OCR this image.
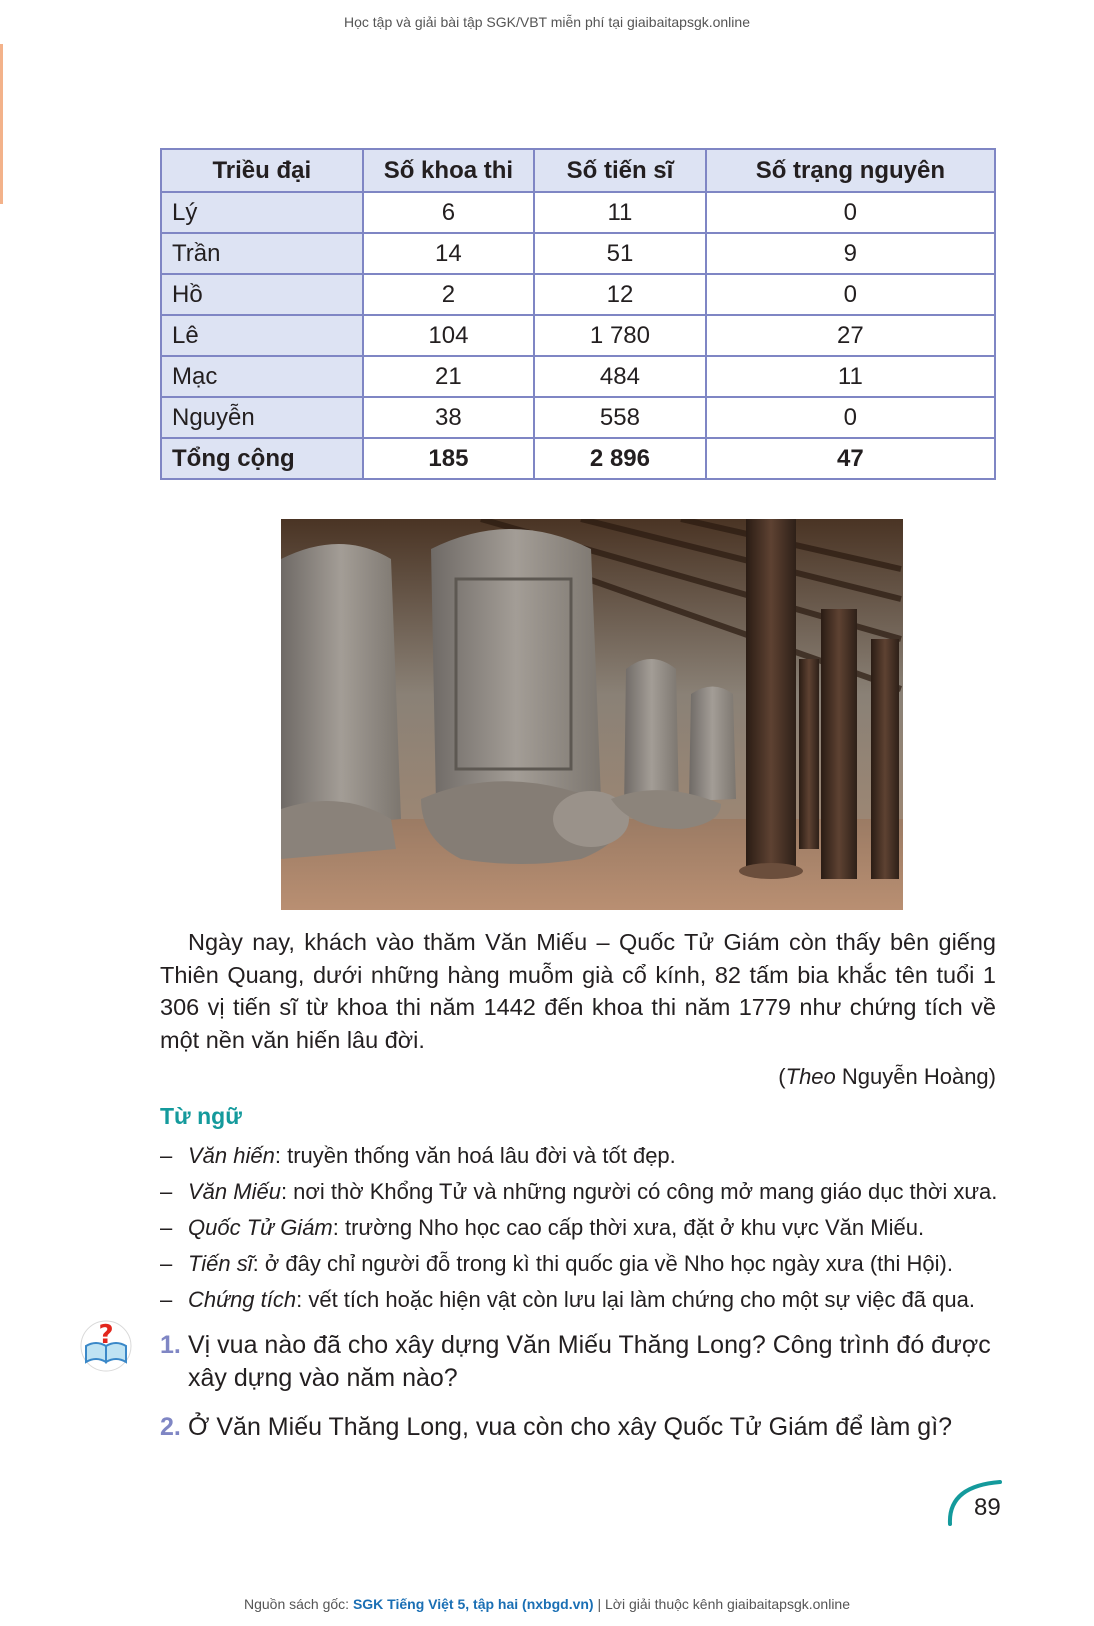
Học tập và giải bài tập SGK/VBT miễn phí tại giaibaitapsgk.online
Triều đại	Số khoa thi	Số tiến sĩ	Số trạng nguyên
Lý	6	11	0
Trần	14	51	9
Hồ	2	12	0
Lê	104	1 780	27
Mạc	21	484	11
Nguyễn	38	558	0
Tổng cộng	185	2 896	47
Ngày nay, khách vào thăm Văn Miếu – Quốc Tử Giám còn thấy bên giếng Thiên Quang, dưới những hàng muỗm già cổ kính, 82 tấm bia khắc tên tuổi 1 306 vị tiến sĩ từ khoa thi năm 1442 đến khoa thi năm 1779 như chứng tích về một nền văn hiến lâu đời.
(Theo Nguyễn Hoàng)
Từ ngữ
– Văn hiến: truyền thống văn hoá lâu đời và tốt đẹp.
– Văn Miếu: nơi thờ Khổng Tử và những người có công mở mang giáo dục thời xưa.
– Quốc Tử Giám: trường Nho học cao cấp thời xưa, đặt ở khu vực Văn Miếu.
– Tiến sĩ: ở đây chỉ người đỗ trong kì thi quốc gia về Nho học ngày xưa (thi Hội).
– Chứng tích: vết tích hoặc hiện vật còn lưu lại làm chứng cho một sự việc đã qua.
? 1. Vị vua nào đã cho xây dựng Văn Miếu Thăng Long? Công trình đó được xây dựng vào năm nào?
2. Ở Văn Miếu Thăng Long, vua còn cho xây Quốc Tử Giám để làm gì?
89
Nguồn sách gốc: SGK Tiếng Việt 5, tập hai (nxbgd.vn) | Lời giải thuộc kênh giaibaitapsgk.online
